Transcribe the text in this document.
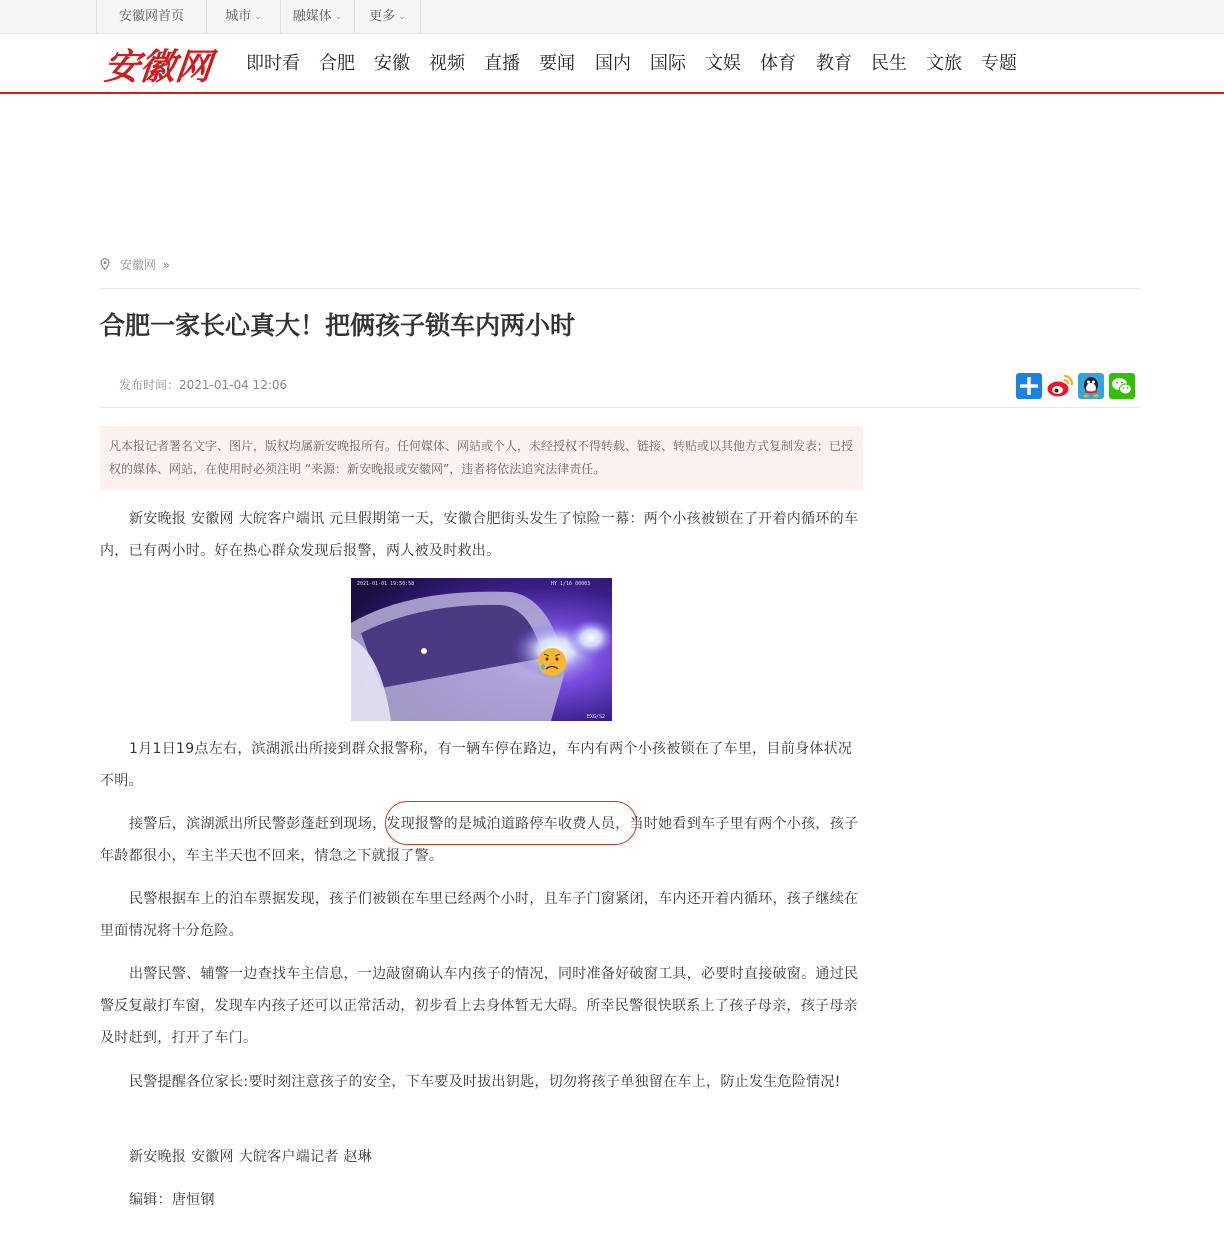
安徽网首页	城市 ⌄	融媒体 ⌄	更多 ⌄
安徽网	即时看 合肥 安徽 视频 直播 要闻 国内 国际 文娱 体育 教育 民生 文旅 专题
安徽网 »
合肥一家长心真大！把俩孩子锁车内两小时
发布时间：2021-01-04 12:06
凡本报记者署名文字、图片，版权均属新安晚报所有。任何媒体、网站或个人，未经授权不得转载、链接、转贴或以其他方式复制发表；已授权的媒体、网站，在使用时必须注明 “来源：新安晚报或安徽网”，违者将依法追究法律责任。

新安晚报 安徽网 大皖客户端讯 元旦假期第一天，安徽合肥街头发生了惊险一幕：两个小孩被锁在了开着内循环的车内，已有两小时。好在热心群众发现后报警，两人被及时救出。

2021-01-01 19:50:58	HY 1/16 00003
EXG/S2

1月1日19点左右，滨湖派出所接到群众报警称，有一辆车停在路边，车内有两个小孩被锁在了车里，目前身体状况不明。

接警后，滨湖派出所民警彭蓬赶到现场，发现报警的是城泊道路停车收费人员，当时她看到车子里有两个小孩，孩子年龄都很小，车主半天也不回来，情急之下就报了警。

民警根据车上的泊车票据发现，孩子们被锁在车里已经两个小时，且车子门窗紧闭，车内还开着内循环，孩子继续在里面情况将十分危险。

出警民警、辅警一边查找车主信息，一边敲窗确认车内孩子的情况，同时准备好破窗工具，必要时直接破窗。通过民警反复敲打车窗，发现车内孩子还可以正常活动，初步看上去身体暂无大碍。所幸民警很快联系上了孩子母亲，孩子母亲及时赶到，打开了车门。

民警提醒各位家长:要时刻注意孩子的安全，下车要及时拔出钥匙，切勿将孩子单独留在车上，防止发生危险情况!

新安晚报 安徽网 大皖客户端记者 赵琳

编辑：唐恒钢
